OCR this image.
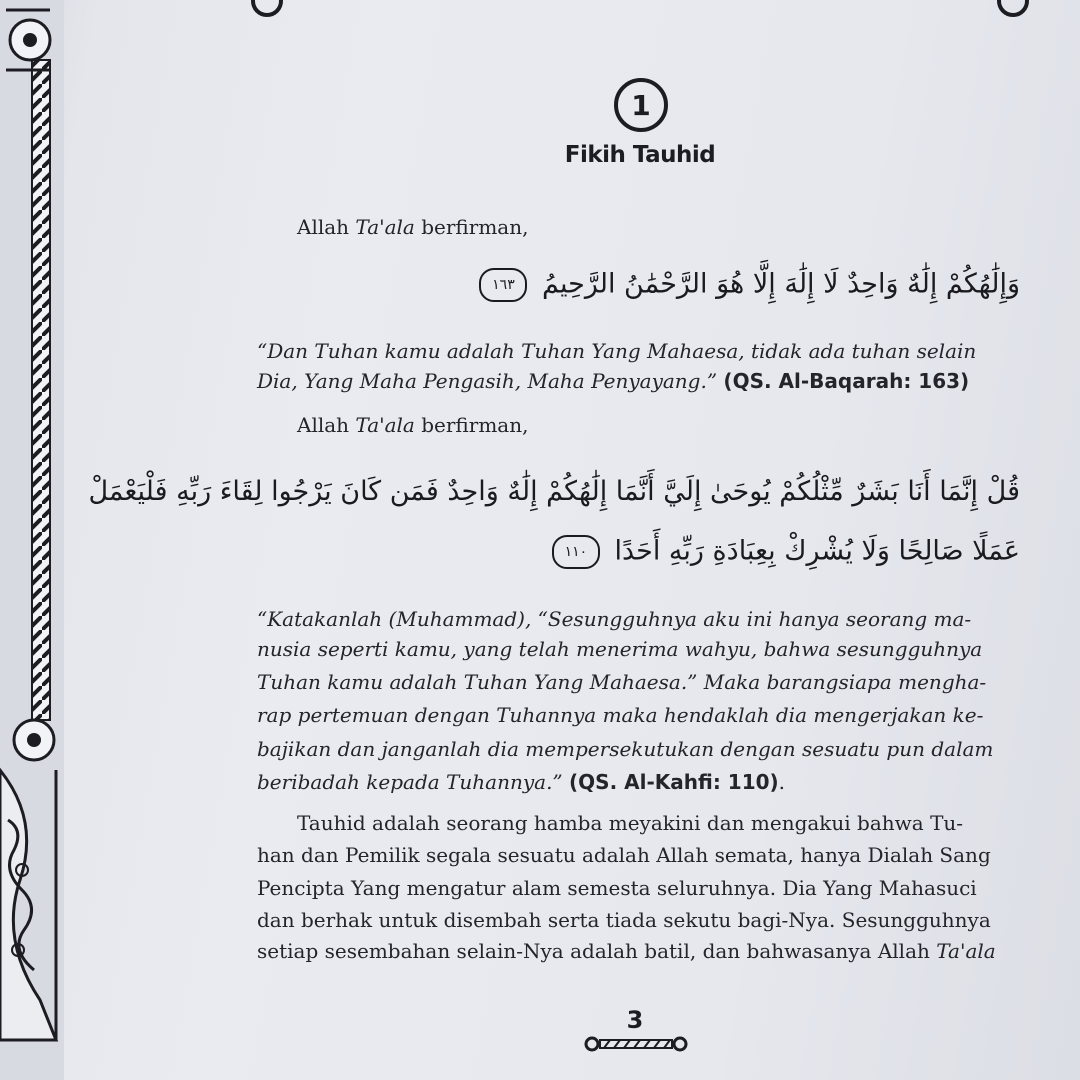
1
Fikih Tauhid
Allah Ta'ala berfirman,
وَإِلَٰهُكُمْ إِلَٰهٌ وَاحِدٌ لَا إِلَٰهَ إِلَّا هُوَ الرَّحْمَٰنُ الرَّحِيمُ ١٦٣
“Dan Tuhan kamu adalah Tuhan Yang Mahaesa, tidak ada tuhan selain
Dia, Yang Maha Pengasih, Maha Penyayang.” (QS. Al-Baqarah: 163)
Allah Ta'ala berfirman,
قُلْ إِنَّمَا أَنَا بَشَرٌ مِّثْلُكُمْ يُوحَىٰ إِلَيَّ أَنَّمَا إِلَٰهُكُمْ إِلَٰهٌ وَاحِدٌ فَمَن كَانَ يَرْجُوا لِقَاءَ رَبِّهِ فَلْيَعْمَلْ
عَمَلًا صَالِحًا وَلَا يُشْرِكْ بِعِبَادَةِ رَبِّهِ أَحَدًا ١١٠
“Katakanlah (Muhammad), “Sesungguhnya aku ini hanya seorang ma-
nusia seperti kamu, yang telah menerima wahyu, bahwa sesungguhnya
Tuhan kamu adalah Tuhan Yang Mahaesa.” Maka barangsiapa mengha-
rap pertemuan dengan Tuhannya maka hendaklah dia mengerjakan ke-
bajikan dan janganlah dia mempersekutukan dengan sesuatu pun dalam
beribadah kepada Tuhannya.” (QS. Al-Kahfi: 110).
Tauhid adalah seorang hamba meyakini dan mengakui bahwa Tu-
han dan Pemilik segala sesuatu adalah Allah semata, hanya Dialah Sang
Pencipta Yang mengatur alam semesta seluruhnya. Dia Yang Mahasuci
dan berhak untuk disembah serta tiada sekutu bagi-Nya. Sesungguhnya
setiap sesembahan selain-Nya adalah batil, dan bahwasanya Allah Ta'ala
3
